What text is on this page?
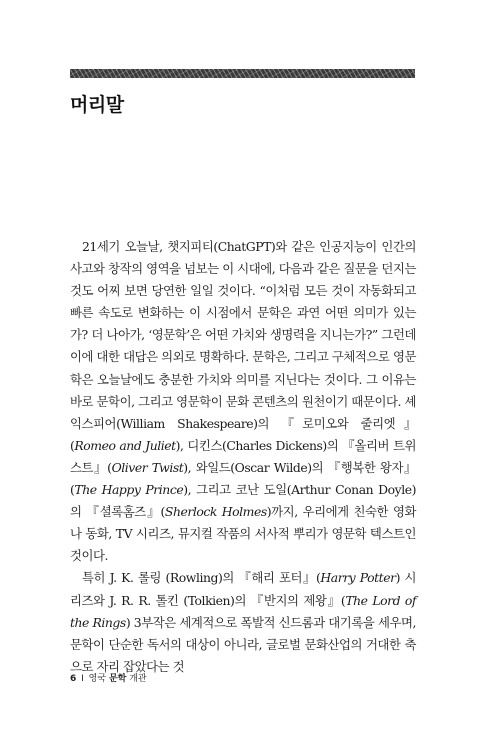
머리말

21세기 오늘날, 챗지피티(ChatGPT)와 같은 인공지능이 인간의 사고와 창작의 영역을 넘보는 이 시대에, 다음과 같은 질문을 던지는 것도 어찌 보면 당연한 일일 것이다. “이처럼 모든 것이 자동화되고 빠른 속도로 변화하는 이 시점에서 문학은 과연 어떤 의미가 있는가? 더 나아가, ‘영문학’은 어떤 가치와 생명력을 지니는가?” 그런데 이에 대한 대답은 의외로 명확하다. 문학은, 그리고 구체적으로 영문학은 오늘날에도 충분한 가치와 의미를 지닌다는 것이다. 그 이유는 바로 문학이, 그리고 영문학이 문화 콘텐츠의 원천이기 때문이다. 셰익스피어(William Shakespeare)의 『로미오와 줄리엣』(Romeo and Juliet), 디킨스(Charles Dickens)의 『올리버 트위스트』(Oliver Twist), 와일드(Oscar Wilde)의 『행복한 왕자』(The Happy Prince), 그리고 코난 도일(Arthur Conan Doyle)의 『셜록홈즈』(Sherlock Holmes)까지, 우리에게 친숙한 영화나 동화, TV 시리즈, 뮤지컬 작품의 서사적 뿌리가 영문학 텍스트인 것이다.

특히 J. K. 롤링 (Rowling)의 『해리 포터』(Harry Potter) 시리즈와 J. R. R. 톨킨 (Tolkien)의 『반지의 제왕』(The Lord of the Rings) 3부작은 세계적으로 폭발적 신드롬과 대기록을 세우며, 문학이 단순한 독서의 대상이 아니라, 글로벌 문화산업의 거대한 축으로 자리 잡았다는 것

6 I 영국 문학 개관
